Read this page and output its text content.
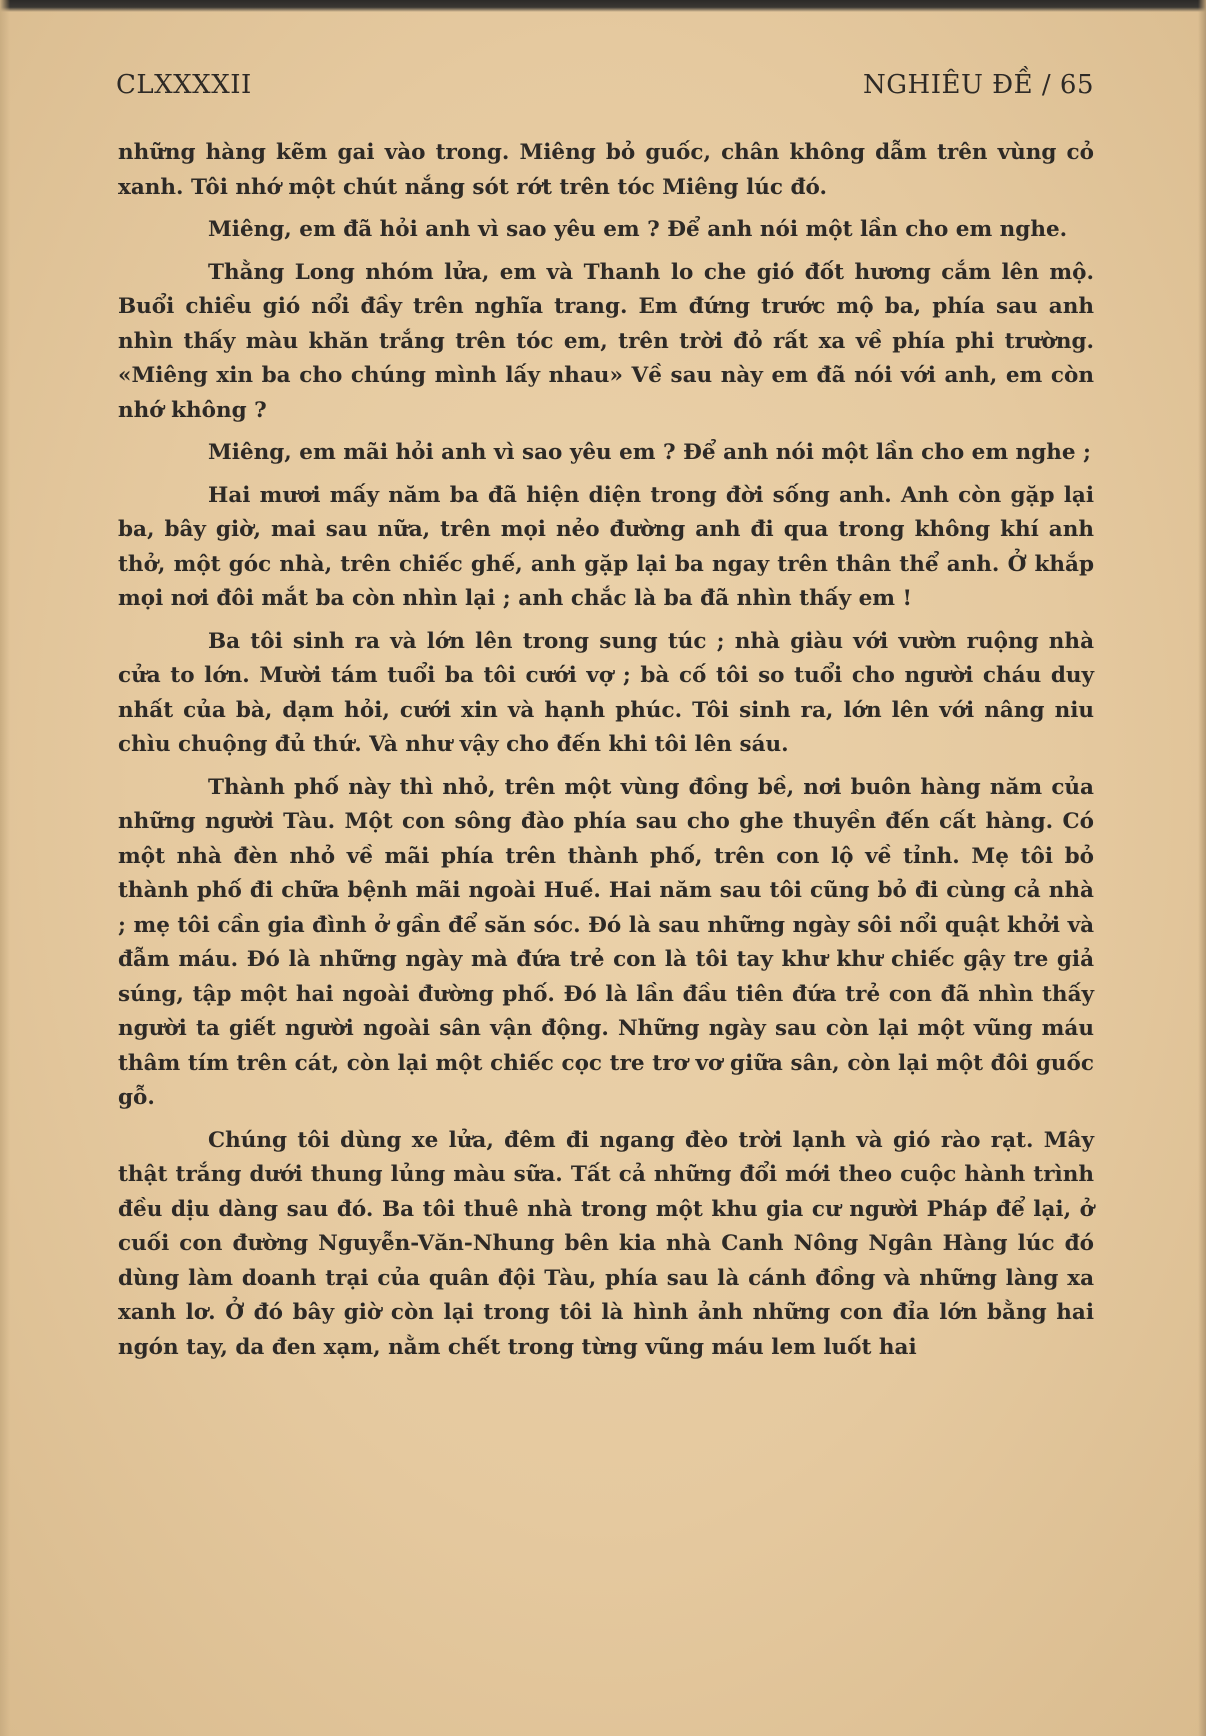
CLXXXXII	NGHIÊU ĐỀ / 65

những hàng kẽm gai vào trong. Miêng bỏ guốc, chân không dẫm trên vùng cỏ xanh. Tôi nhớ một chút nắng sót rớt trên tóc Miêng lúc đó.

Miêng, em đã hỏi anh vì sao yêu em ? Để anh nói một lần cho em nghe.

Thằng Long nhóm lửa, em và Thanh lo che gió đốt hương cắm lên mộ. Buổi chiều gió nổi đầy trên nghĩa trang. Em đứng trước mộ ba, phía sau anh nhìn thấy màu khăn trắng trên tóc em, trên trời đỏ rất xa về phía phi trường. «Miêng xin ba cho chúng mình lấy nhau» Về sau này em đã nói với anh, em còn nhớ không ?

Miêng, em mãi hỏi anh vì sao yêu em ? Để anh nói một lần cho em nghe ;

Hai mươi mấy năm ba đã hiện diện trong đời sống anh. Anh còn gặp lại ba, bây giờ, mai sau nữa, trên mọi nẻo đường anh đi qua trong không khí anh thở, một góc nhà, trên chiếc ghế, anh gặp lại ba ngay trên thân thể anh. Ở khắp mọi nơi đôi mắt ba còn nhìn lại ; anh chắc là ba đã nhìn thấy em !

Ba tôi sinh ra và lớn lên trong sung túc ; nhà giàu với vườn ruộng nhà cửa to lớn. Mười tám tuổi ba tôi cưới vợ ; bà cố tôi so tuổi cho người cháu duy nhất của bà, dạm hỏi, cưới xin và hạnh phúc. Tôi sinh ra, lớn lên với nâng niu chìu chuộng đủ thứ. Và như vậy cho đến khi tôi lên sáu.

Thành phố này thì nhỏ, trên một vùng đồng bề, nơi buôn hàng năm của những người Tàu. Một con sông đào phía sau cho ghe thuyền đến cất hàng. Có một nhà đèn nhỏ về mãi phía trên thành phố, trên con lộ về tỉnh. Mẹ tôi bỏ thành phố đi chữa bệnh mãi ngoài Huế. Hai năm sau tôi cũng bỏ đi cùng cả nhà ; mẹ tôi cần gia đình ở gần để săn sóc. Đó là sau những ngày sôi nổi quật khởi và đẫm máu. Đó là những ngày mà đứa trẻ con là tôi tay khư khư chiếc gậy tre giả súng, tập một hai ngoài đường phố. Đó là lần đầu tiên đứa trẻ con đã nhìn thấy người ta giết người ngoài sân vận động. Những ngày sau còn lại một vũng máu thâm tím trên cát, còn lại một chiếc cọc tre trơ vơ giữa sân, còn lại một đôi guốc gỗ.

Chúng tôi dùng xe lửa, đêm đi ngang đèo trời lạnh và gió rào rạt. Mây thật trắng dưới thung lủng màu sữa. Tất cả những đổi mới theo cuộc hành trình đều dịu dàng sau đó. Ba tôi thuê nhà trong một khu gia cư người Pháp để lại, ở cuối con đường Nguyễn-Văn-Nhung bên kia nhà Canh Nông Ngân Hàng lúc đó dùng làm doanh trại của quân đội Tàu, phía sau là cánh đồng và những làng xa xanh lơ. Ở đó bây giờ còn lại trong tôi là hình ảnh những con đỉa lớn bằng hai ngón tay, da đen xạm, nằm chết trong từng vũng máu lem luốt hai
